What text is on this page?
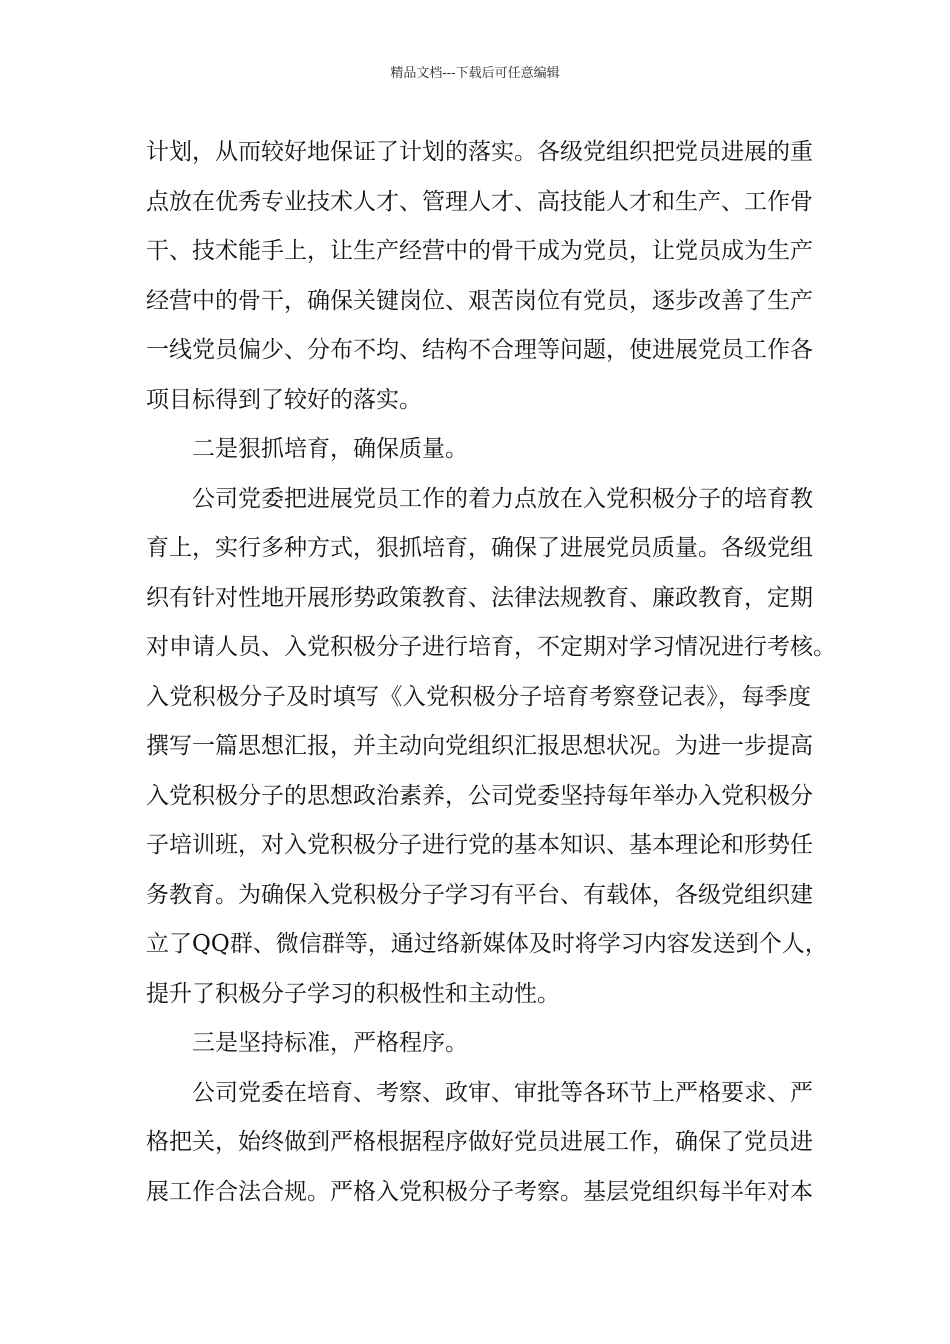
精品文档---下载后可任意编辑
计划，从而较好地保证了计划的落实。各级党组织把党员进展的重
点放在优秀专业技术人才、管理人才、高技能人才和生产、工作骨
干、技术能手上，让生产经营中的骨干成为党员，让党员成为生产
经营中的骨干，确保关键岗位、艰苦岗位有党员，逐步改善了生产
一线党员偏少、分布不均、结构不合理等问题，使进展党员工作各
项目标得到了较好的落实。
二是狠抓培育，确保质量。
公司党委把进展党员工作的着力点放在入党积极分子的培育教
育上，实行多种方式，狠抓培育，确保了进展党员质量。各级党组
织有针对性地开展形势政策教育、法律法规教育、廉政教育，定期
对申请人员、入党积极分子进行培育，不定期对学习情况进行考核。
入党积极分子及时填写《入党积极分子培育考察登记表》，每季度
撰写一篇思想汇报，并主动向党组织汇报思想状况。为进一步提高
入党积极分子的思想政治素养，公司党委坚持每年举办入党积极分
子培训班，对入党积极分子进行党的基本知识、基本理论和形势任
务教育。为确保入党积极分子学习有平台、有载体，各级党组织建
立了QQ群、微信群等，通过络新媒体及时将学习内容发送到个人，
提升了积极分子学习的积极性和主动性。
三是坚持标准，严格程序。
公司党委在培育、考察、政审、审批等各环节上严格要求、严
格把关，始终做到严格根据程序做好党员进展工作，确保了党员进
展工作合法合规。严格入党积极分子考察。基层党组织每半年对本
